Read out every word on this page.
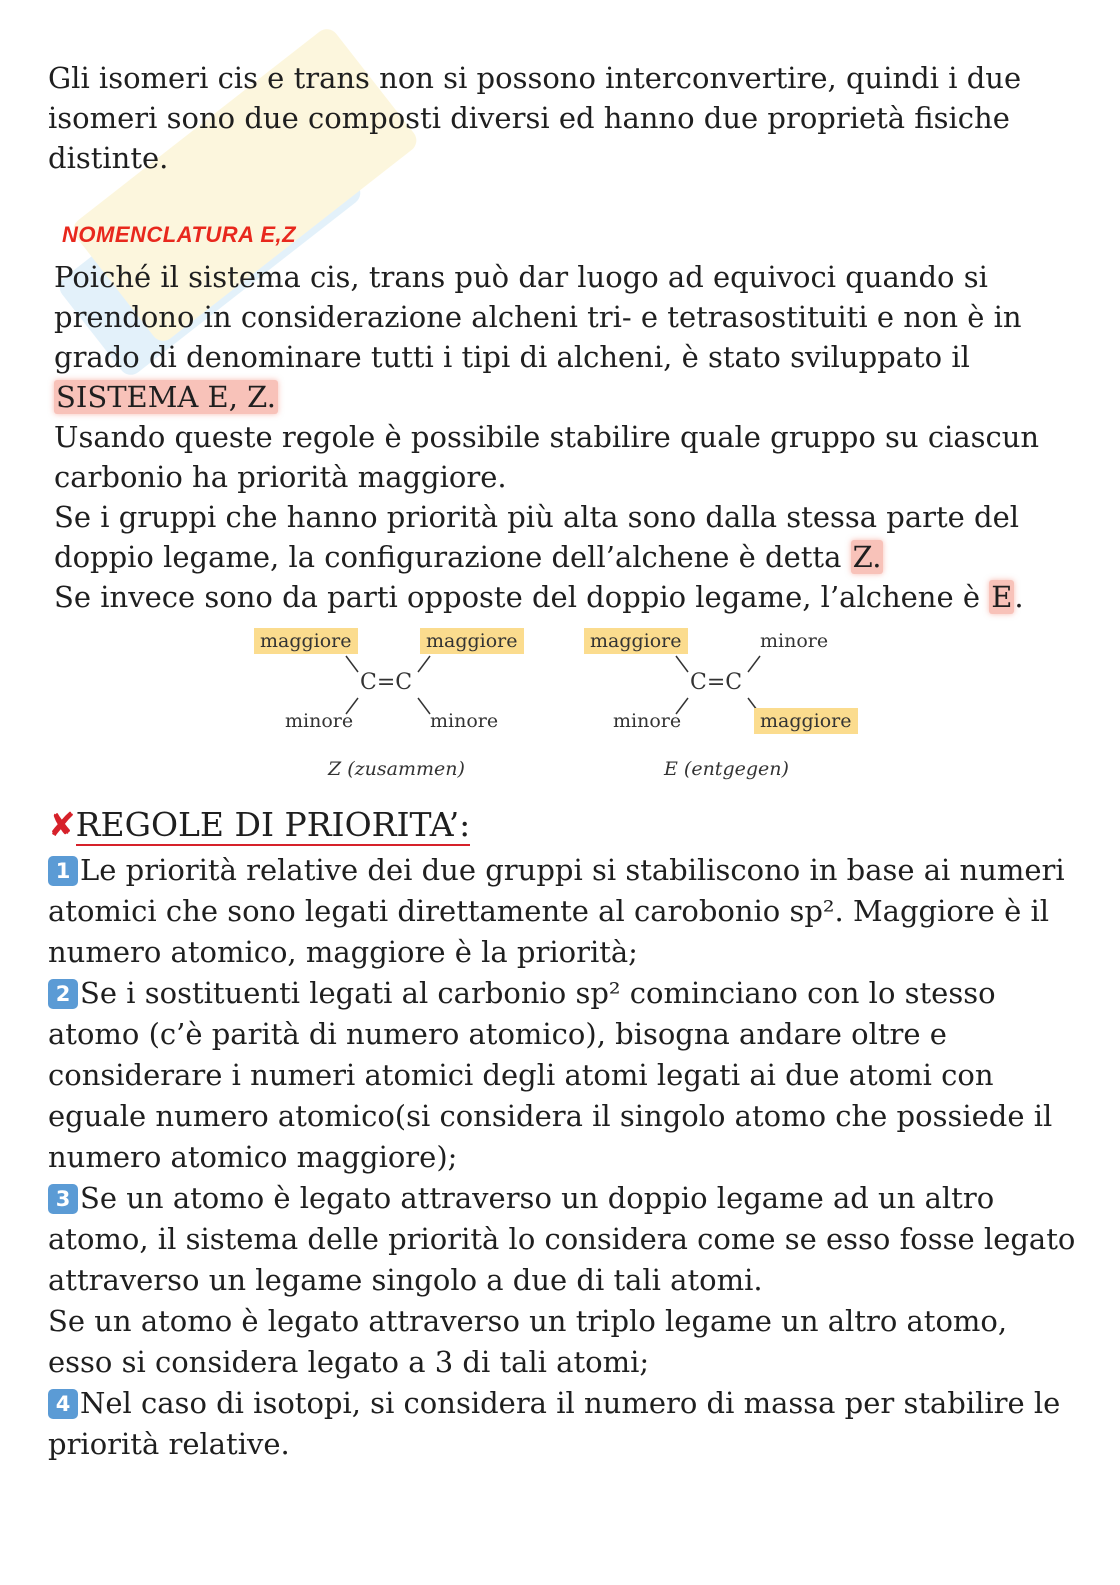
Gli isomeri cis e trans non si possono interconvertire, quindi i due
isomeri sono due composti diversi ed hanno due proprietà fisiche
distinte.

NOMENCLATURA E,Z

Poiché il sistema cis, trans può dar luogo ad equivoci quando si
prendono in considerazione alcheni tri- e tetrasostituiti e non è in
grado di denominare tutti i tipi di alcheni, è stato sviluppato il
SISTEMA E, Z.
Usando queste regole è possibile stabilire quale gruppo su ciascun
carbonio ha priorità maggiore.
Se i gruppi che hanno priorità più alta sono dalla stessa parte del
doppio legame, la configurazione dell’alchene è detta Z.
Se invece sono da parti opposte del doppio legame, l’alchene è E.

maggiore	maggiore
C=C
minore	minore
Z (zusammen)
maggiore	minore
C=C
minore	maggiore
E (entgegen)
✘REGOLE DI PRIORITA’:

1 Le priorità relative dei due gruppi si stabiliscono in base ai numeri atomici che sono legati direttamente al carobonio sp². Maggiore è il numero atomico, maggiore è la priorità;
2 Se i sostituenti legati al carbonio sp² cominciano con lo stesso atomo (c’è parità di numero atomico), bisogna andare oltre e considerare i numeri atomici degli atomi legati ai due atomi con eguale numero atomico(si considera il singolo atomo che possiede il numero atomico maggiore);
3 Se un atomo è legato attraverso un doppio legame ad un altro atomo, il sistema delle priorità lo considera come se esso fosse legato attraverso un legame singolo a due di tali atomi.
Se un atomo è legato attraverso un triplo legame un altro atomo, esso si considera legato a 3 di tali atomi;
4 Nel caso di isotopi, si considera il numero di massa per stabilire le priorità relative.
